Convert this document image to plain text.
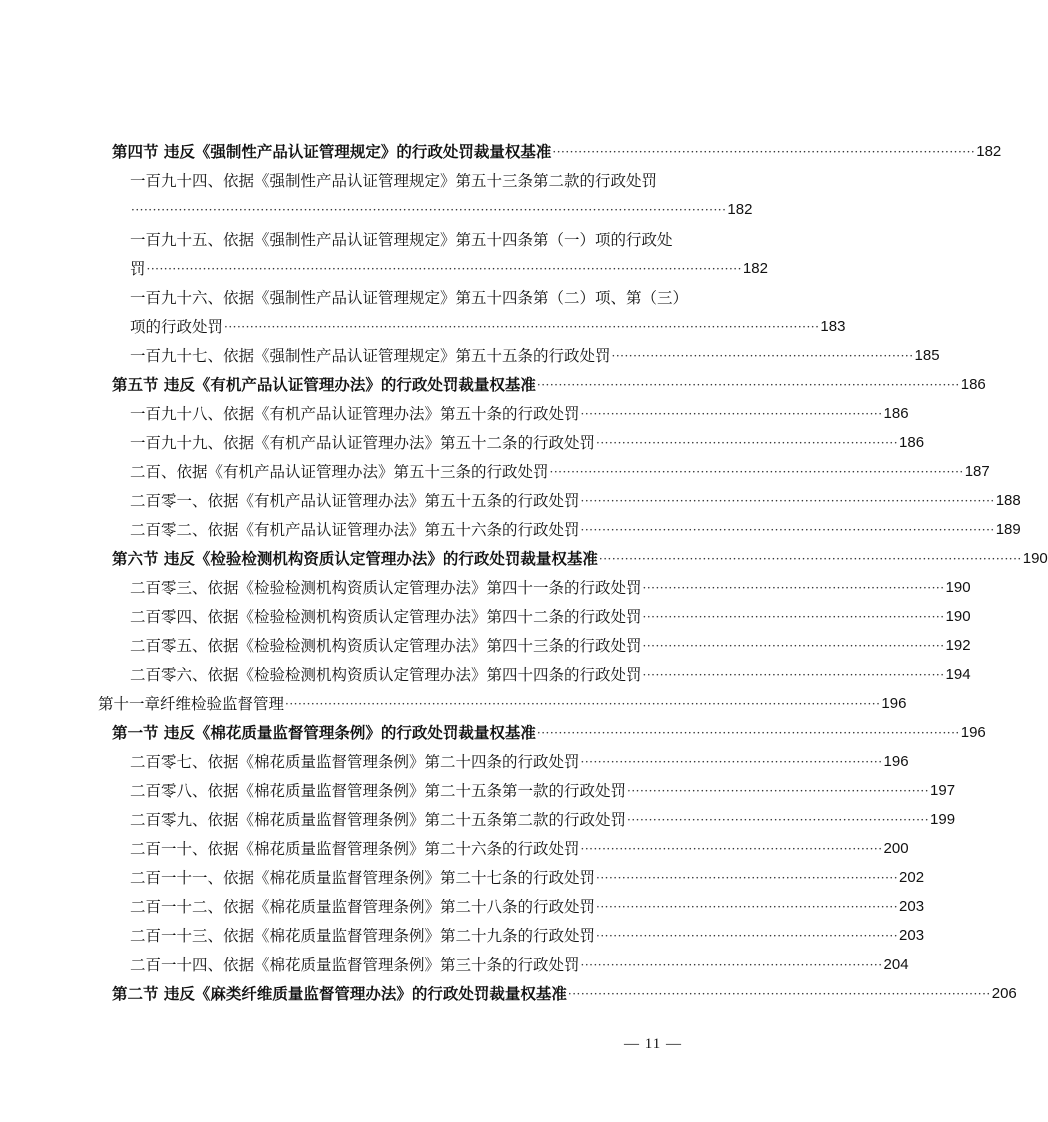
第四节 违反《强制性产品认证管理规定》的行政处罚裁量权基准 ·································································································· 182
一百九十四、依据《强制性产品认证管理规定》第五十三条第二款的行政处罚
·········································································································································· 182
一百九十五、依据《强制性产品认证管理规定》第五十四条第（一）项的行政处
罚 ·········································································································································· 182
一百九十六、依据《强制性产品认证管理规定》第五十四条第（二）项、第（三）
项的行政处罚 ·········································································································································· 183
一百九十七、依据《强制性产品认证管理规定》第五十五条的行政处罚 ······································································ 185
第五节 违反《有机产品认证管理办法》的行政处罚裁量权基准 ·································································································· 186
一百九十八、依据《有机产品认证管理办法》第五十条的行政处罚 ······································································ 186
一百九十九、依据《有机产品认证管理办法》第五十二条的行政处罚 ······································································ 186
二百、依据《有机产品认证管理办法》第五十三条的行政处罚 ································································································ 187
二百零一、依据《有机产品认证管理办法》第五十五条的行政处罚 ································································································ 188
二百零二、依据《有机产品认证管理办法》第五十六条的行政处罚 ································································································ 189
第六节 违反《检验检测机构资质认定管理办法》的行政处罚裁量权基准 ·································································································· 190
二百零三、依据《检验检测机构资质认定管理办法》第四十一条的行政处罚 ······································································ 190
二百零四、依据《检验检测机构资质认定管理办法》第四十二条的行政处罚 ······································································ 190
二百零五、依据《检验检测机构资质认定管理办法》第四十三条的行政处罚 ······································································ 192
二百零六、依据《检验检测机构资质认定管理办法》第四十四条的行政处罚 ······································································ 194
第十一章纤维检验监督管理 ·········································································································································· 196
第一节 违反《棉花质量监督管理条例》的行政处罚裁量权基准 ·································································································· 196
二百零七、依据《棉花质量监督管理条例》第二十四条的行政处罚 ······································································ 196
二百零八、依据《棉花质量监督管理条例》第二十五条第一款的行政处罚 ······································································ 197
二百零九、依据《棉花质量监督管理条例》第二十五条第二款的行政处罚 ······································································ 199
二百一十、依据《棉花质量监督管理条例》第二十六条的行政处罚 ······································································ 200
二百一十一、依据《棉花质量监督管理条例》第二十七条的行政处罚 ······································································ 202
二百一十二、依据《棉花质量监督管理条例》第二十八条的行政处罚 ······································································ 203
二百一十三、依据《棉花质量监督管理条例》第二十九条的行政处罚 ······································································ 203
二百一十四、依据《棉花质量监督管理条例》第三十条的行政处罚 ······································································ 204
第二节 违反《麻类纤维质量监督管理办法》的行政处罚裁量权基准 ·································································································· 206
— 11 —
